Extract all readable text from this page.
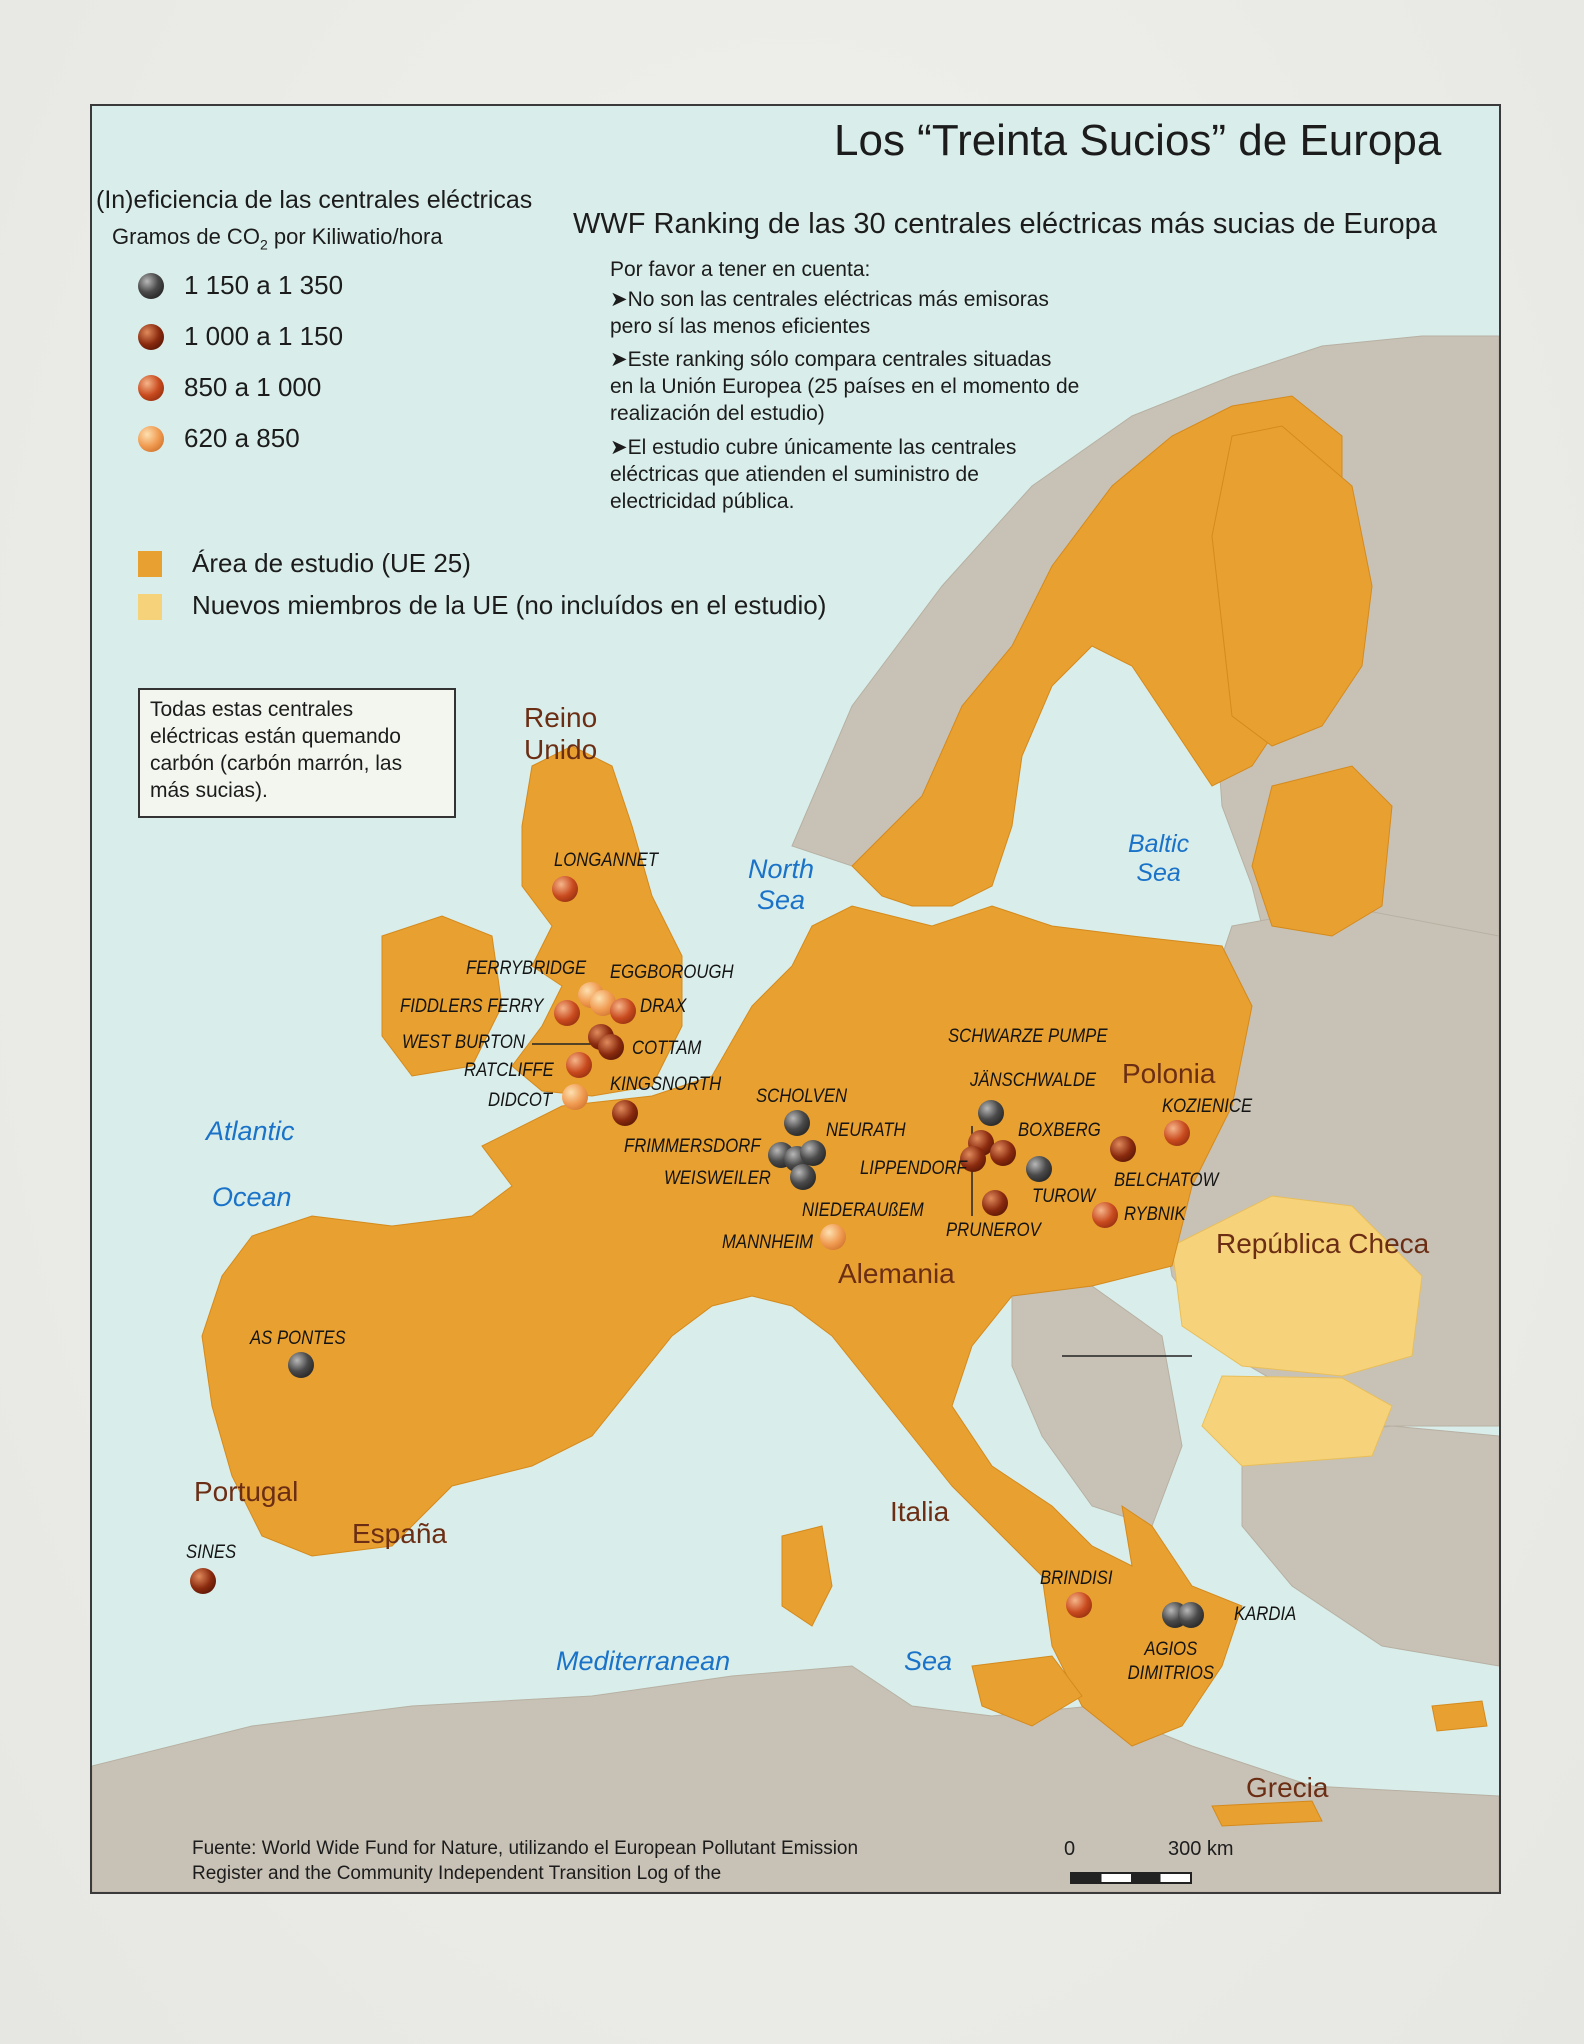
Los “Treinta Sucios” de Europa
WWF Ranking de las 30 centrales eléctricas más sucias de Europa
Por favor a tener en cuenta:
➤No son las centrales eléctricas más emisoras pero sí las menos eficientes
➤Este ranking sólo compara centrales situadas en la Unión Europea (25 países en el momento de realización del estudio)
➤El estudio cubre únicamente las centrales eléctricas que atienden el suministro de electricidad pública.
(In)eficiencia de las centrales eléctricas
Gramos de $CO_2$ por Kiliwatio/hora
1 150 a 1 350
1 000 a 1 150
850 a 1 000
620 a 850
Área de estudio (UE 25)
Nuevos miembros de la UE (no incluídos en el estudio)
Todas estas centrales eléctricas están quemando carbón (carbón marrón, las más sucias).
North
Sea
Baltic
Sea
Atlantic
Ocean
Mediterranean	Sea
Reino
Unido
Polonia
República Checa
Alemania
Italia
Portugal
España
Grecia
LONGANNET
FERRYBRIDGE EGGBOROUGH
FIDDLERS FERRY	DRAX
WEST BURTON	COTTAM
RATCLIFFE
KINGSNORTH
DIDCOT	SCHOLVEN
NEURATH
FRIMMERSDORF
WEISWEILER
NIEDERAUßEM
MANNHEIM
SCHWARZE PUMPE
JÄNSCHWALDE
BOXBERG
LIPPENDORF
TUROW
PRUNEROV
KOZIENICE
BELCHATOW
RYBNIK
AS PONTES
SINES
BRINDISI
KARDIA
AGIOS DIMITRIOS
0	300 km
Fuente: World Wide Fund for Nature, utilizando el European Pollutant Emission Register and the Community Independent Transition Log of the
